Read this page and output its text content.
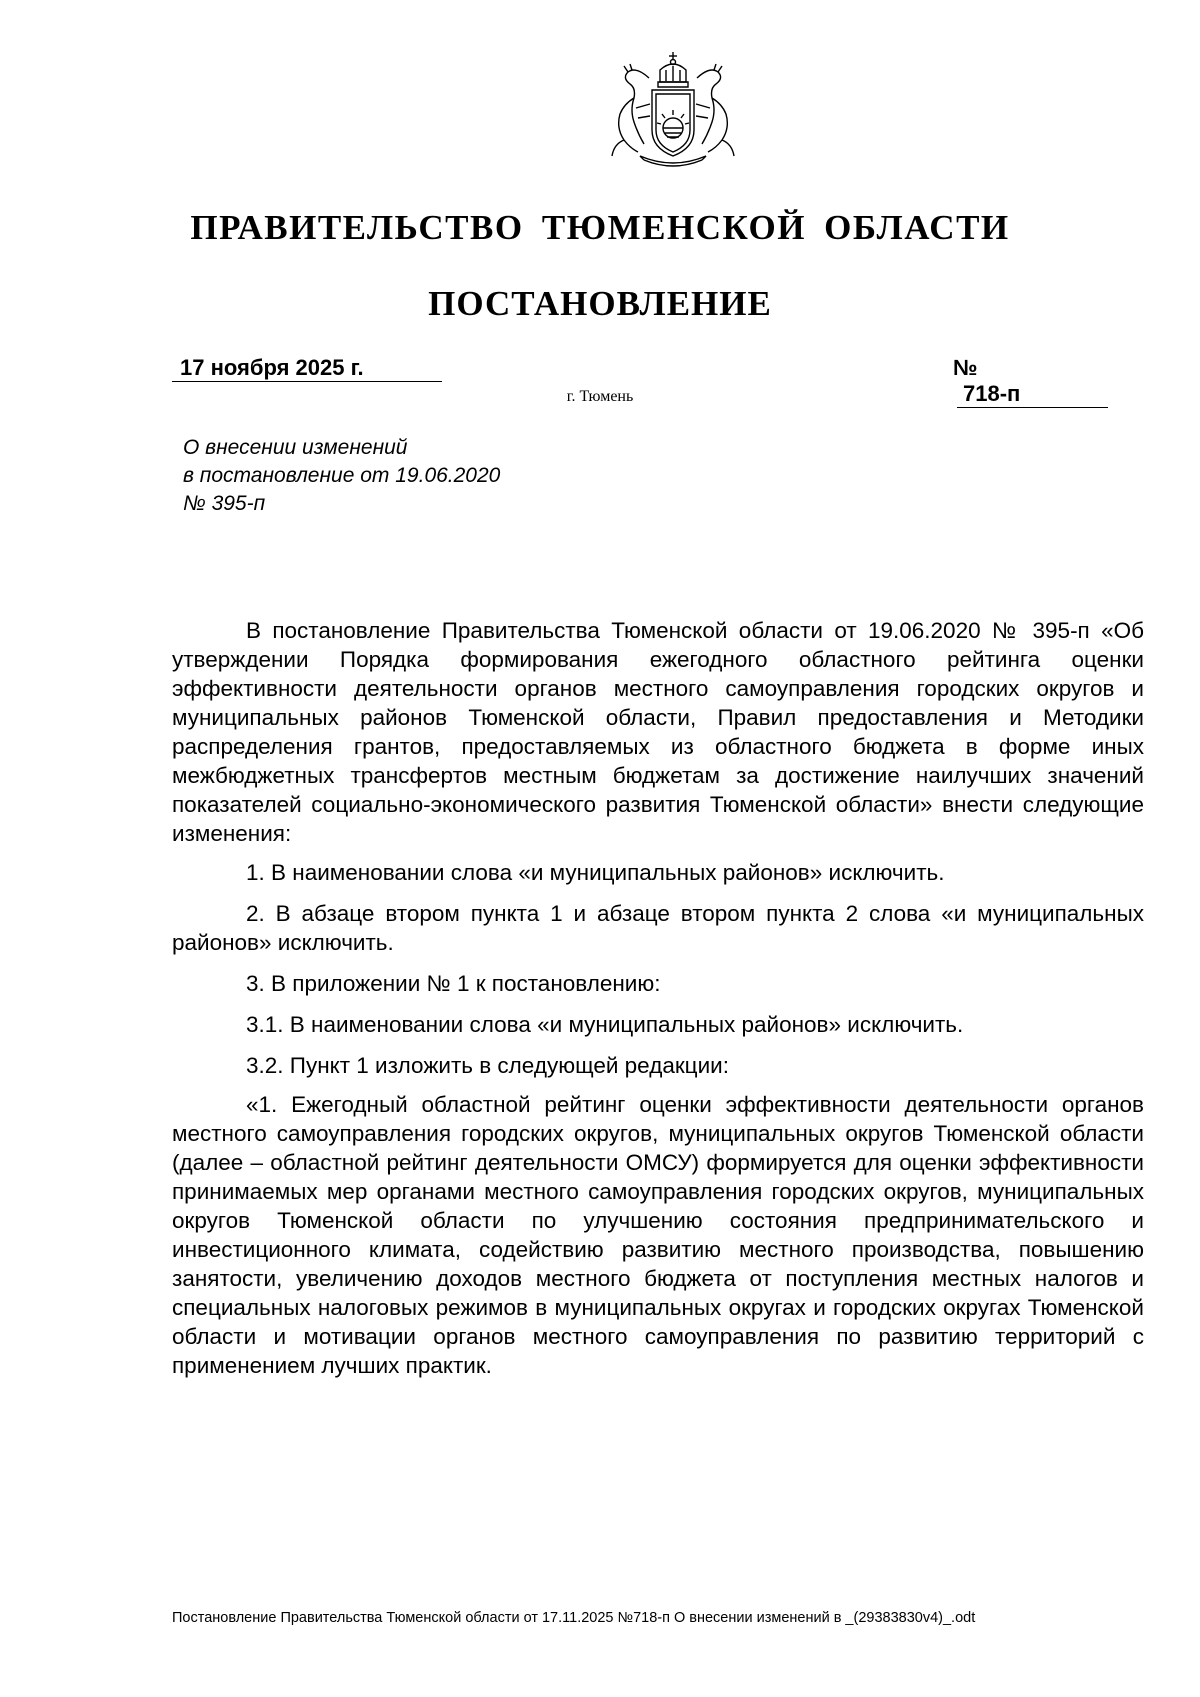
ПРАВИТЕЛЬСТВО ТЮМЕНСКОЙ ОБЛАСТИ
ПОСТАНОВЛЕНИЕ
17 ноября 2025 г.	№ 718-п
г. Тюмень
О внесении изменений
в постановление от 19.06.2020
№ 395-п

В постановление Правительства Тюменской области от 19.06.2020 № 395-п «Об утверждении Порядка формирования ежегодного областного рейтинга оценки эффективности деятельности органов местного самоуправления городских округов и муниципальных районов Тюменской области, Правил предоставления и Методики распределения грантов, предоставляемых из областного бюджета в форме иных межбюджетных трансфертов местным бюджетам за достижение наилучших значений показателей социально-экономического развития Тюменской области» внести следующие изменения:

1. В наименовании слова «и муниципальных районов» исключить.

2. В абзаце втором пункта 1 и абзаце втором пункта 2 слова «и муниципальных районов» исключить.

3. В приложении № 1 к постановлению:

3.1. В наименовании слова «и муниципальных районов» исключить.

3.2. Пункт 1 изложить в следующей редакции:

«1. Ежегодный областной рейтинг оценки эффективности деятельности органов местного самоуправления городских округов, муниципальных округов Тюменской области (далее – областной рейтинг деятельности ОМСУ) формируется для оценки эффективности принимаемых мер органами местного самоуправления городских округов, муниципальных округов Тюменской области по улучшению состояния предпринимательского и инвестиционного климата, содействию развитию местного производства, повышению занятости, увеличению доходов местного бюджета от поступления местных налогов и специальных налоговых режимов в муниципальных округах и городских округах Тюменской области и мотивации органов местного самоуправления по развитию территорий с применением лучших практик.

Постановление Правительства Тюменской области от 17.11.2025 №718-п О внесении изменений в _(29383830v4)_.odt
